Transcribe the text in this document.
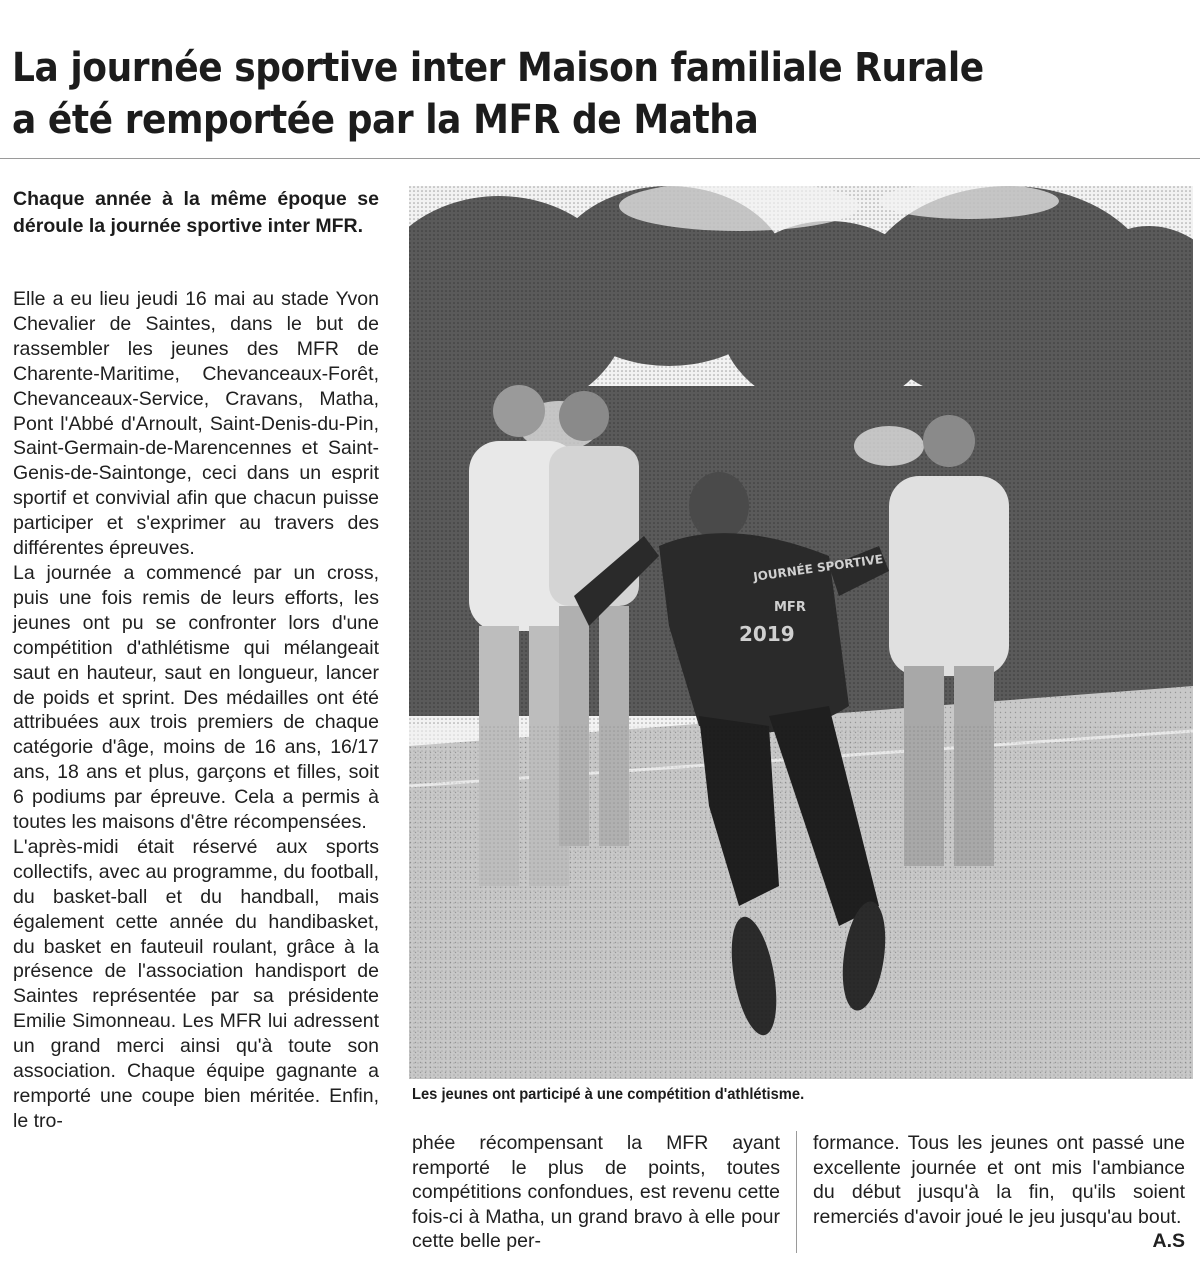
La journée sportive inter Maison familiale Rurale
a été remportée par la MFR de Matha
Chaque année à la même époque se déroule la journée sportive inter MFR.

Elle a eu lieu jeudi 16 mai au stade Yvon Chevalier de Saintes, dans le but de rassembler les jeunes des MFR de Charente-Maritime, Chevanceaux-Forêt, Chevanceaux-Service, Cravans, Matha, Pont l'Abbé d'Arnoult, Saint-Denis-du-Pin, Saint-Germain-de-Marencennes et Saint-Genis-de-Saintonge, ceci dans un esprit sportif et convivial afin que chacun puisse participer et s'exprimer au travers des différentes épreuves.

La journée a commencé par un cross, puis une fois remis de leurs efforts, les jeunes ont pu se confronter lors d'une compétition d'athlétisme qui mélangeait saut en hauteur, saut en longueur, lancer de poids et sprint. Des médailles ont été attribuées aux trois premiers de chaque catégorie d'âge, moins de 16 ans, 16/17 ans, 18 ans et plus, garçons et filles, soit 6 podiums par épreuve. Cela a permis à toutes les maisons d'être récompensées.

L'après-midi était réservé aux sports collectifs, avec au programme, du football, du basket-ball et du handball, mais également cette année du handibasket, du basket en fauteuil roulant, grâce à la présence de l'association handisport de Saintes représentée par sa présidente Emilie Simonneau. Les MFR lui adressent un grand merci ainsi qu'à toute son association. Chaque équipe gagnante a remporté une coupe bien méritée. Enfin, le tro-

JOURNÉE SPORTIVE
MFR
2019
Les jeunes ont participé à une compétition d'athlétisme.
phée récompensant la MFR ayant remporté le plus de points, toutes compétitions confondues, est revenu cette fois-ci à Matha, un grand bravo à elle pour cette belle per-
formance. Tous les jeunes ont passé une excellente journée et ont mis l'ambiance du début jusqu'à la fin, qu'ils soient remerciés d'avoir joué le jeu jusqu'au bout.
A.S
